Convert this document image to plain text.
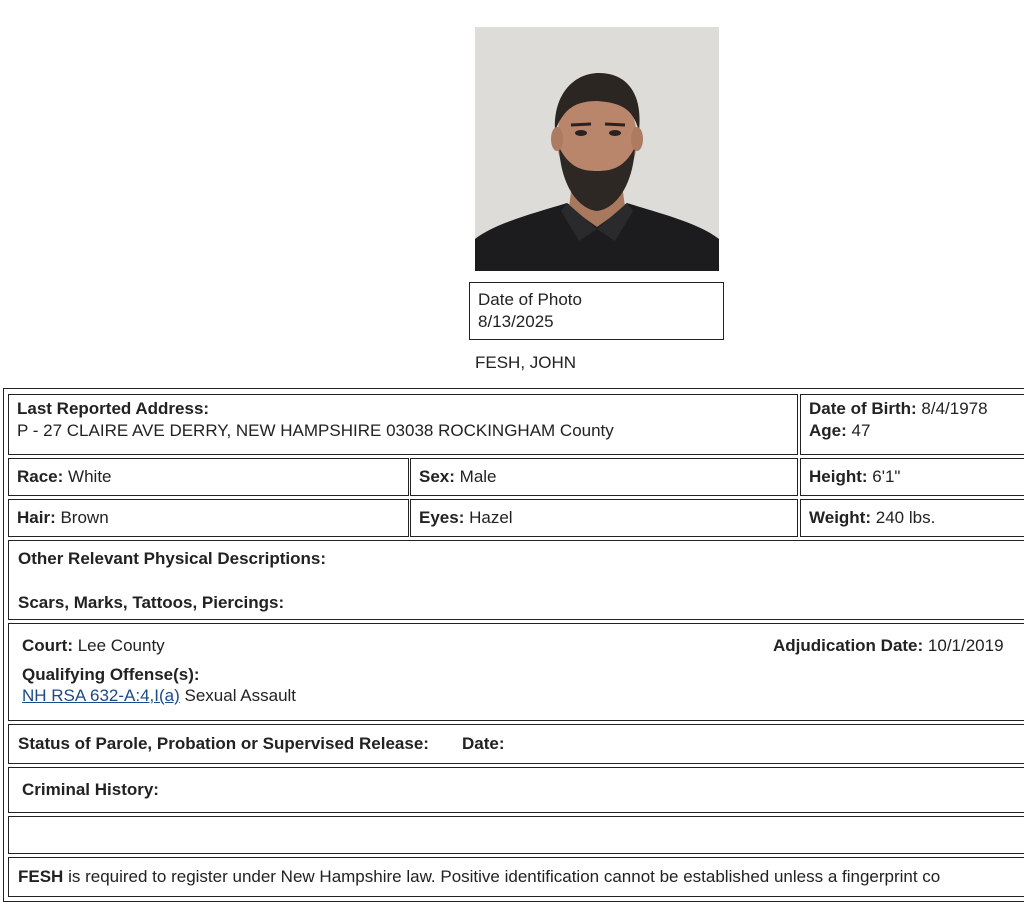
Date of Photo
8/13/2025
FESH, JOHN
Last Reported Address:
P - 27 CLAIRE AVE DERRY, NEW HAMPSHIRE 03038 ROCKINGHAM County
Date of Birth: 8/4/1978
Age: 47
Race: White	Sex: Male	Height: 6'1"
Hair: Brown	Eyes: Hazel	Weight: 240 lbs.
Other Relevant Physical Descriptions:
Scars, Marks, Tattoos, Piercings:
Court: Lee County	Adjudication Date: 10/1/2019
Qualifying Offense(s):
NH RSA 632-A:4,I(a) Sexual Assault
Status of Parole, Probation or Supervised Release: Date:
Criminal History:
FESH is required to register under New Hampshire law. Positive identification cannot be established unless a fingerprint co
